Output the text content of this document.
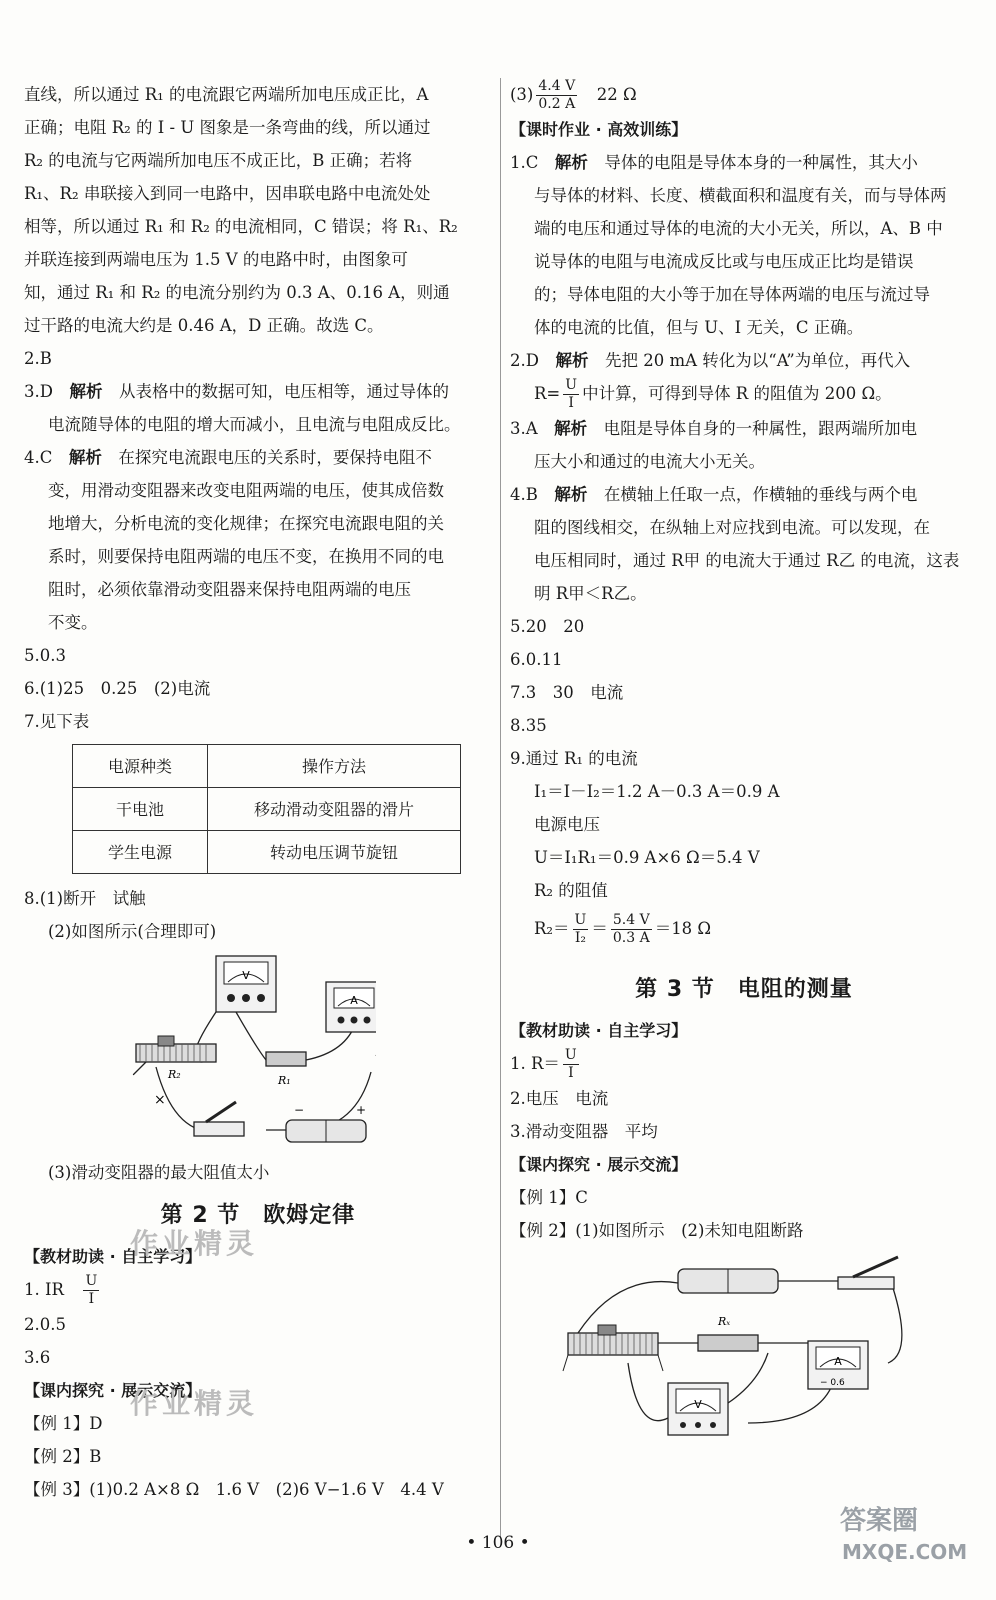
直线，所以通过 R₁ 的电流跟它两端所加电压成正比，A

正确；电阻 R₂ 的 I - U 图象是一条弯曲的线，所以通过

R₂ 的电流与它两端所加电压不成正比，B 正确；若将

R₁、R₂ 串联接入到同一电路中，因串联电路中电流处处

相等，所以通过 R₁ 和 R₂ 的电流相同，C 错误；将 R₁、R₂

并联连接到两端电压为 1.5 V 的电路中时，由图象可

知，通过 R₁ 和 R₂ 的电流分别约为 0.3 A、0.16 A，则通

过干路的电流大约是 0.46 A，D 正确。故选 C。

2.B

3.D　 解析　 从表格中的数据可知，电压相等，通过导体的

电流随导体的电阻的增大而减小，且电流与电阻成反比。

4.C　 解析　 在探究电流跟电压的关系时，要保持电阻不

变，用滑动变阻器来改变电阻两端的电压，使其成倍数

地增大，分析电流的变化规律；在探究电流跟电阻的关

系时，则要保持电阻两端的电压不变，在换用不同的电

阻时，必须依靠滑动变阻器来保持电阻两端的电压

不变。

5.0.3

6.(1)25　0.25　(2)电流

7.见下表

电源种类	操作方法
干电池	移动滑动变阻器的滑片
学生电源	转动电压调节旋钮

8.(1)断开　试触

(2)如图所示(合理即可)

V
A
R₂	R₁
×
−	+

(3)滑动变阻器的最大阻值太小

第 2 节　欧姆定律

【教材助读 · 自主学习】

1. IR　 $\frac{U}{I}$

2.0.5

3.6

【课内探究 · 展示交流】

【例 1】D

【例 2】B

【例 3】(1)0.2 A×8 Ω　1.6 V　(2)6 V−1.6 V　4.4 V

$(3) \frac{4.4 V}{0.2 A}$
　 22 Ω

【课时作业 · 高效训练】

1.C　 解析　 导体的电阻是导体本身的一种属性，其大小

与导体的材料、长度、横截面积和温度有关，而与导体两

端的电压和通过导体的电流的大小无关，所以，A、B 中

说导体的电阻与电流成反比或与电压成正比均是错误

的；导体电阻的大小等于加在导体两端的电压与流过导

体的电流的比值，但与 U、I 无关，C 正确。

2.D　 解析　 先把 20 mA 转化为以“A”为单位，再代入

$R= \frac{U}{I}$ 中计算，可得到导体 R 的阻值为 200 Ω。

3.A　 解析　 电阻是导体自身的一种属性，跟两端所加电

压大小和通过的电流大小无关。

4.B　 解析　 在横轴上任取一点，作横轴的垂线与两个电

阻的图线相交，在纵轴上对应找到电流。可以发现，在

电压相同时，通过 R甲 的电流大于通过 R乙 的电流，这表

明 R甲＜R乙。

5.20　20

6.0.11

7.3　30　电流

8.35

9.通过 R₁ 的电流

I₁＝I－I₂＝1.2 A－0.3 A＝0.9 A

电源电压

U＝I₁R₁＝0.9 A×6 Ω＝5.4 V

R₂ 的阻值

$R_2= \frac{U}{\text{I₂}} = \frac{5.4 V}{0.3 A} =18$ Ω

第 3 节　电阻的测量

【教材助读 · 自主学习】

1. $R= \frac{U}{I}$

2.电压　电流

3.滑动变阻器　平均

【课内探究 · 展示交流】

【例 1】C

【例 2】(1)如图所示　(2)未知电阻断路

Rₓ
A
− 0.6
V
作业精灵
作业精灵
• 106 •
答案圈
MXQE.COM
